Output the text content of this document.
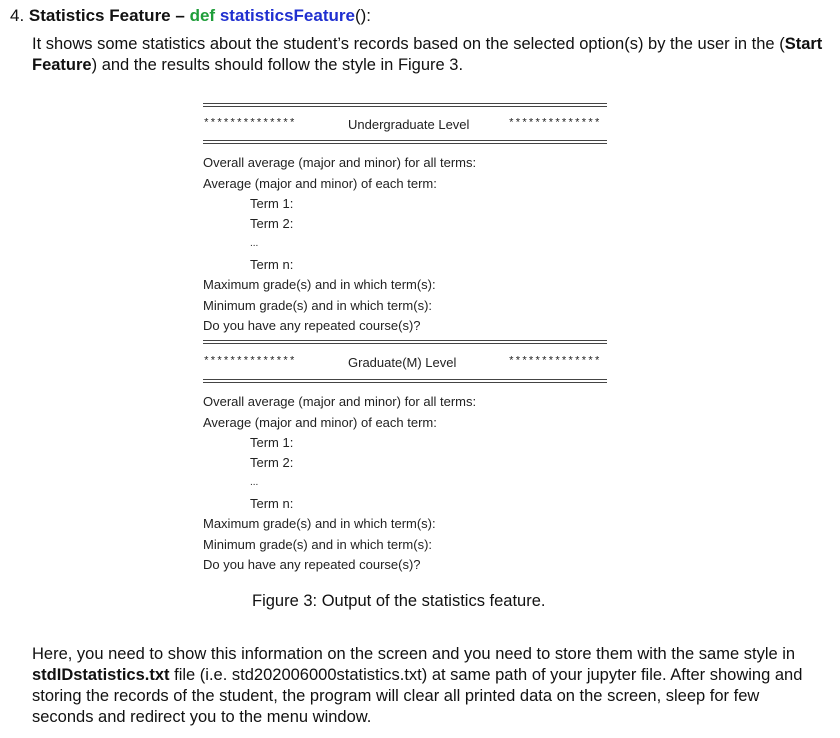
4. Statistics Feature – def statisticsFeature():
It shows some statistics about the student’s records based on the selected option(s) by the user in the (Start Feature) and the results should follow the style in Figure 3.
**************	Undergraduate Level	**************
Overall average (major and minor) for all terms:
Average (major and minor) of each term:
Term 1:
Term 2:
...
Term n:
Maximum grade(s) and in which term(s):
Minimum grade(s) and in which term(s):
Do you have any repeated course(s)?
**************	Graduate(M) Level	**************
Overall average (major and minor) for all terms:
Average (major and minor) of each term:
Term 1:
Term 2:
...
Term n:
Maximum grade(s) and in which term(s):
Minimum grade(s) and in which term(s):
Do you have any repeated course(s)?
Figure 3: Output of the statistics feature.
Here, you need to show this information on the screen and you need to store them with the same style in stdIDstatistics.txt file (i.e. std202006000statistics.txt) at same path of your jupyter file. After showing and storing the records of the student, the program will clear all printed data on the screen, sleep for few seconds and redirect you to the menu window.
